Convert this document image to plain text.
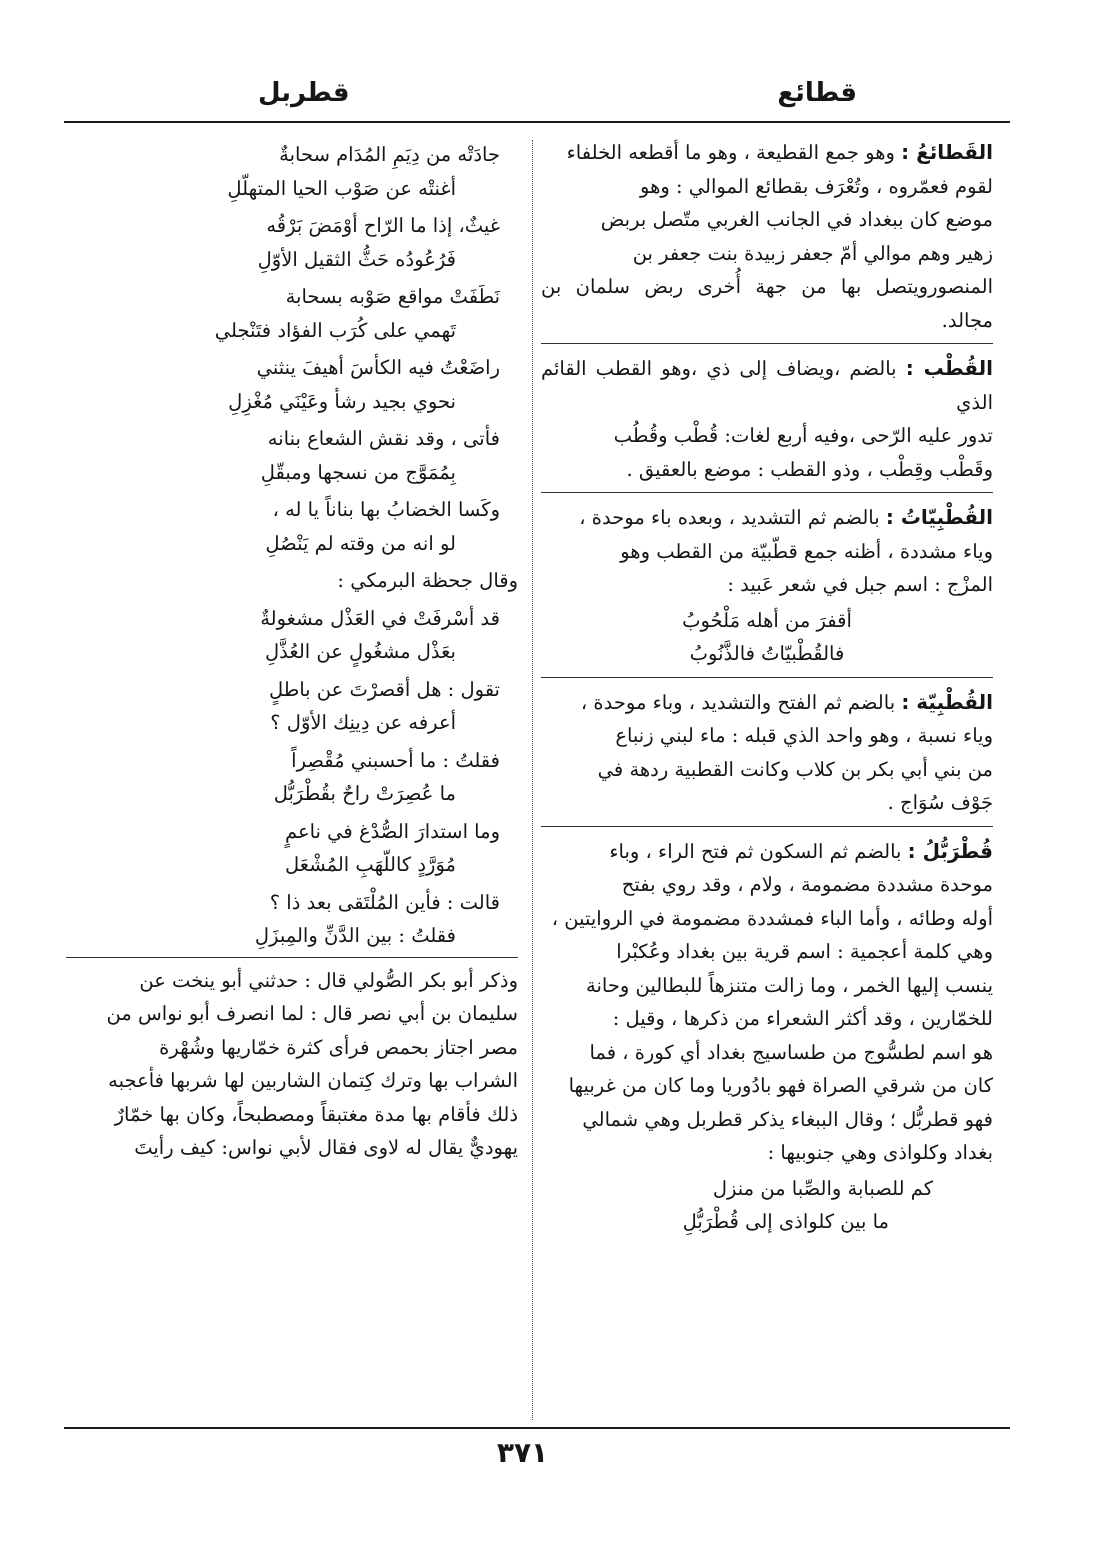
قطائع
قطربل
القَطائعُ : وهو جمع القطيعة ، وهو ما أقطعه الخلفاء
لقوم فعمّروه ، وتُعْرَف بقطائع الموالي : وهو
موضع كان ببغداد في الجانب الغربي متّصل بربض
زهير وهم موالي أمّ جعفر زبيدة بنت جعفر بن
المنصورويتصل بها من جهة أُخرى ربض سلمان بن مجالد.
القُطْب : بالضم ،ويضاف إلى ذي ،وهو القطب القائم الذي
تدور عليه الرّحى ،وفيه أربع لغات: قُطْب وقُطُب
وقَطْب وقِطْب ، وذو القطب : موضع بالعقيق .
القُطْبِيّاتُ : بالضم ثم التشديد ، وبعده باء موحدة ،
وياء مشددة ، أظنه جمع قطّبيّة من القطب وهو
المزْج : اسم جبل في شعر عَبيد :
أقفرَ من أهله مَلْحُوبُ
فالقُطْبيّاتُ فالذَّنُوبُ
القُطْبِيّة : بالضم ثم الفتح والتشديد ، وباء موحدة ،
وياء نسبة ، وهو واحد الذي قبله : ماء لبني زنباع
من بني أبي بكر بن كلاب وكانت القطبية ردهة في
جَوْف سُوَاج .
قُطْرَبُّلُ : بالضم ثم السكون ثم فتح الراء ، وباء
موحدة مشددة مضمومة ، ولام ، وقد روي بفتح
أوله وطائه ، وأما الباء فمشددة مضمومة في الروايتين ،
وهي كلمة أعجمية : اسم قرية بين بغداد وعُكبْرا
ينسب إليها الخمر ، وما زالت متنزهاً للبطالين وحانة
للخمّارين ، وقد أكثر الشعراء من ذكرها ، وقيل :
هو اسم لطسُّوج من طساسيج بغداد أي كورة ، فما
كان من شرقي الصراة فهو بادُوريا وما كان من غربيها
فهو قطربُّل ؛ وقال الببغاء يذكر قطربل وهي شمالي
بغداد وكلواذى وهي جنوبيها :
كم للصبابة والصِّبا من منزل
ما بين كلواذى إلى قُطْرَبُّلِ
جادَتْه من دِيَمِ المُدَام سحابةٌ
أغنتْه عن صَوْب الحيا المتهلّلِ
غيثٌ، إذا ما الرّاح أوْمَضَ بَرْقُه
فَرُعُودُه حَثُّ الثقيل الأوّلِ
نَطَفَتْ مواقع صَوْبه بسحابة
تَهمي على كُرَب الفؤاد فتَنْجلي
راضَعْتُ فيه الكأسَ أهيفَ ينثني
نحوي بجيد رشأ وعَيْنَي مُغْزِلِ
فأتى ، وقد نقش الشعاع بنانه
بِمُمَوَّج من نسجها ومبقّلِ
وكَسا الخضابُ بها بناناً يا له ،
لو انه من وقته لم يَنْصُلِ
وقال جحظة البرمكي :
قد أسْرفَتْ في العَذْل مشغولةٌ
بعَذْل مشغُولٍ عن العُذَّلِ
تقول : هل أقصرْتَ عن باطلٍ
أعرفه عن دِينِك الأوّل ؟
فقلتُ : ما أحسبني مُقْصِراً
ما عُصِرَتْ راحٌ بقُطْرَبُّل
وما استدارَ الصُّدْغ في ناعمٍ
مُوَرَّدٍ كاللّهَبِ المُشْعَل
قالت : فأين المُلْتَقى بعد ذا ؟
فقلتُ : بين الدَّنِّ والمِبزَلِ
وذكر أبو بكر الصُّولي قال : حدثني أبو ينخت عن
سليمان بن أبي نصر قال : لما انصرف أبو نواس من
مصر اجتاز بحمص فرأى كثرة خمّاريها وشُهْرة
الشراب بها وترك كِتمان الشاربين لها شربها فأعجبه
ذلك فأقام بها مدة مغتبقاً ومصطبحاً، وكان بها خمّارٌ
يهوديٌّ يقال له لاوى فقال لأبي نواس: كيف رأيتَ
٣٧١
